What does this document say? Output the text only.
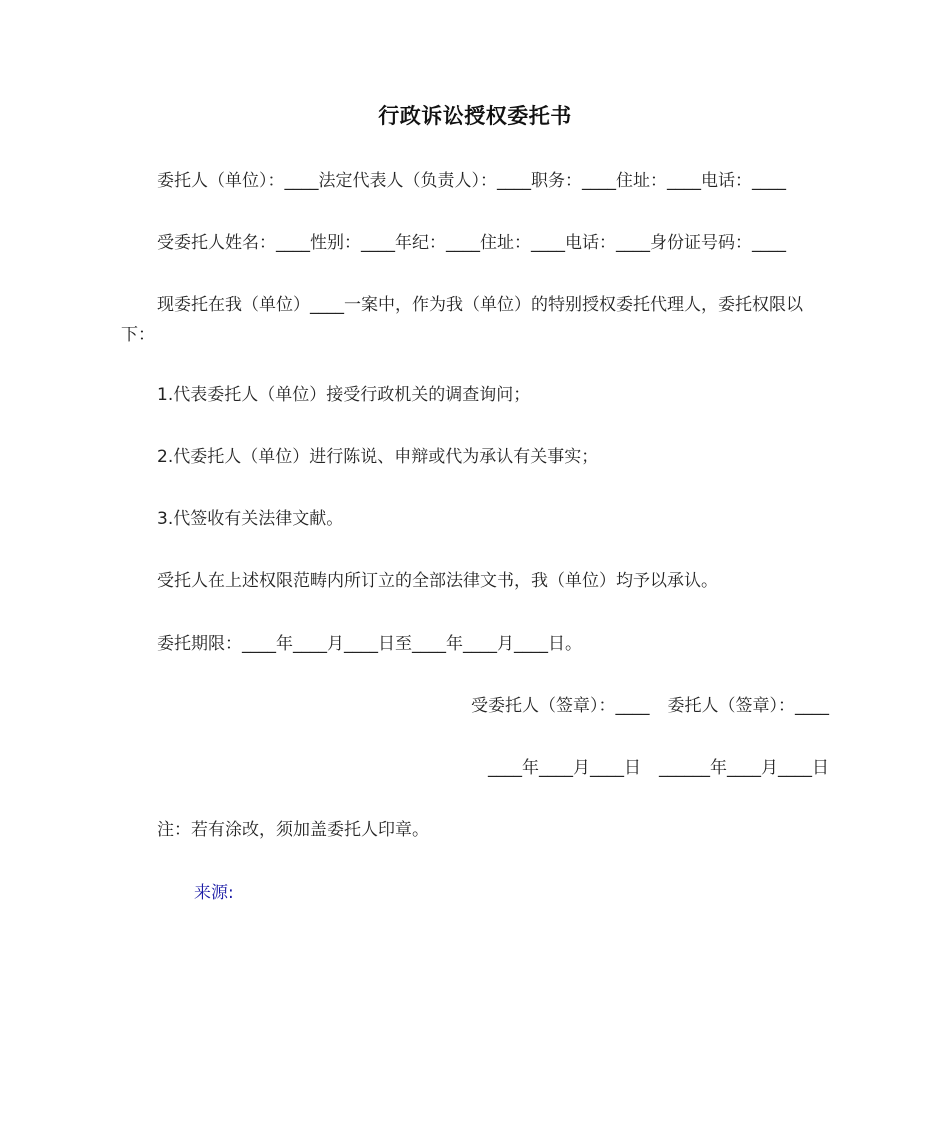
行政诉讼授权委托书
委托人（单位）：____法定代表人（负责人）：____职务：____住址：____电话：____
受委托人姓名：____性别：____年纪：____住址：____电话：____身份证号码：____
现委托在我（单位）____一案中，作为我（单位）的特别授权委托代理人，委托权限以下：
1.代表委托人（单位）接受行政机关的调查询问；
2.代委托人（单位）进行陈说、申辩或代为承认有关事实；
3.代签收有关法律文献。
受托人在上述权限范畴内所订立的全部法律文书，我（单位）均予以承认。
委托期限：____年____月____日至____年____月____日。
受委托人（签章）：____ 委托人（签章）：____
____年____月____日 ______年____月____日
注：若有涂改，须加盖委托人印章。
来源:
